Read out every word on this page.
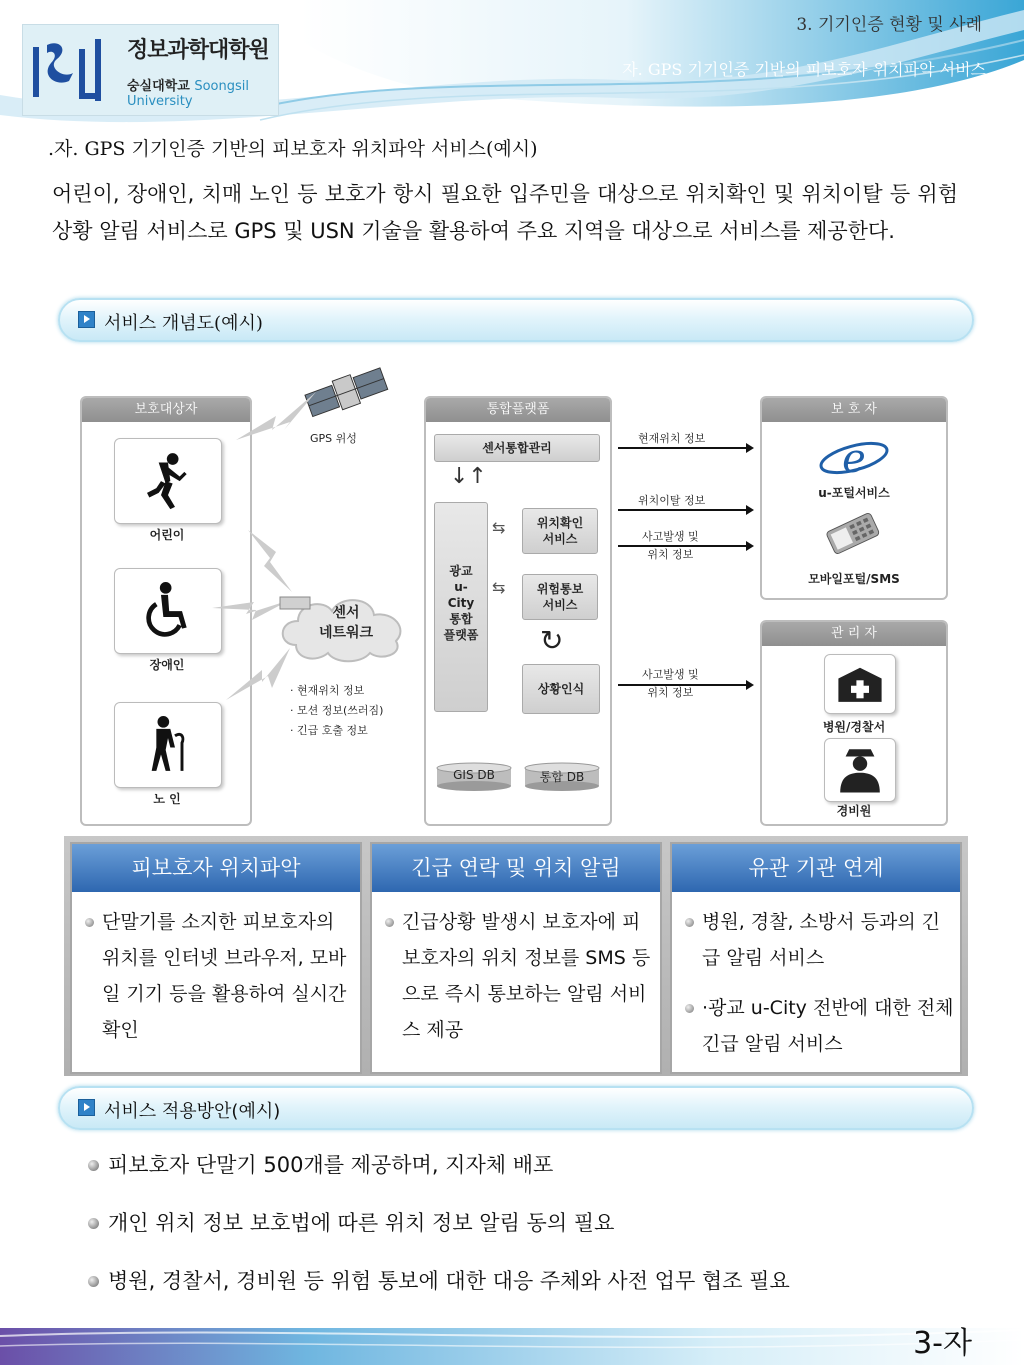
정보과학대학원
숭실대학교 Soongsil University
3. 기기인증 현황 및 사례
자. GPS 기기인증 기반의 피보호자 위치파악 서비스
.자. GPS 기기인증 기반의 피보호자 위치파악 서비스(예시)
어린이, 장애인, 치매 노인 등 보호가 항시 필요한 입주민을 대상으로 위치확인 및 위치이탈 등 위험상황 알림 서비스로 GPS 및 USN 기술을 활용하여 주요 지역을 대상으로 서비스를 제공한다.
서비스 개념도(예시)
보호대상자
어린이
장애인
노 인
GPS 위성
센서
네트워크
· 현재위치 정보
· 모션 정보(쓰러짐)
· 긴급 호출 정보
통합플랫폼
센서통합관리
↓↑
광교
u-
City
통합
플랫폼
⇆
⇆
위치확인
서비스
위험통보
서비스
↻
상황인식
GIS DB	통합 DB
현재위치 정보
위치이탈 정보
사고발생 및
위치 정보
사고발생 및
위치 정보
보 호 자
e
u-포털서비스
모바일포털/SMS
관 리 자
병원/경찰서
경비원
피보호자 위치파악
단말기를 소지한 피보호자의 위치를 인터넷 브라우저, 모바일 기기 등을 활용하여 실시간 확인
긴급 연락 및 위치 알림
긴급상황 발생시 보호자에 피보호자의 위치 정보를 SMS 등으로 즉시 통보하는 알림 서비스 제공
유관 기관 연계
병원, 경찰, 소방서 등과의 긴급 알림 서비스
·광교 u-City 전반에 대한 전체 긴급 알림 서비스
서비스 적용방안(예시)
피보호자 단말기 500개를 제공하며, 지자체 배포
개인 위치 정보 보호법에 따른 위치 정보 알림 동의 필요
병원, 경찰서, 경비원 등 위험 통보에 대한 대응 주체와 사전 업무 협조 필요
3-자
